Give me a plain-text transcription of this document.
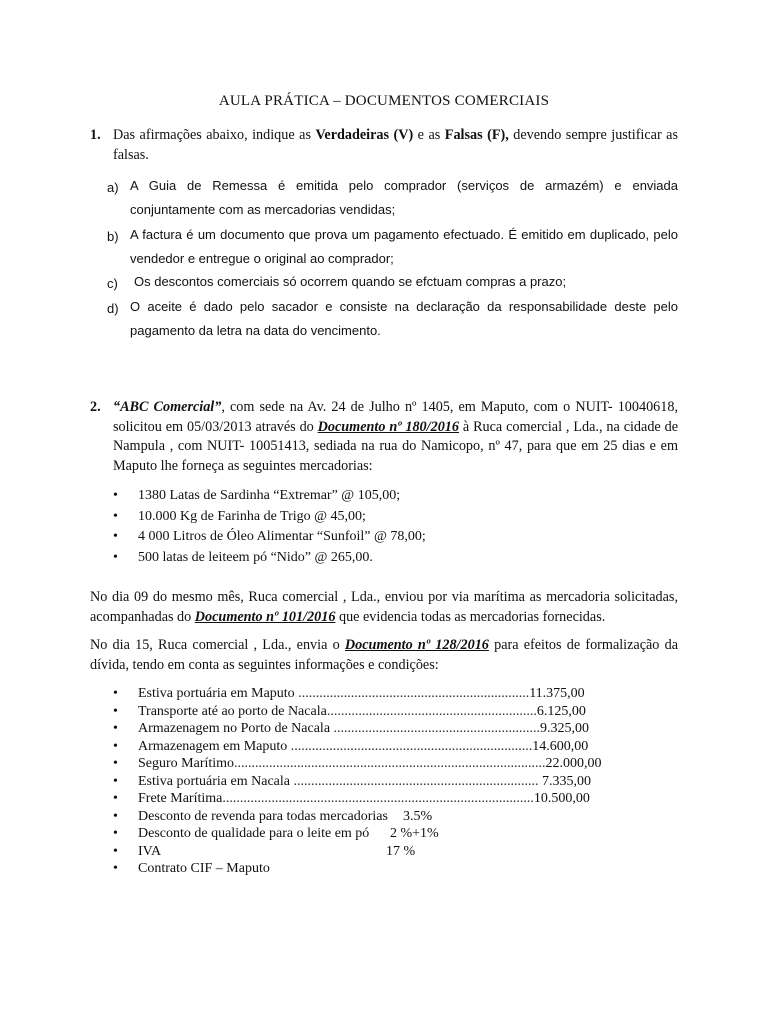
AULA PRÁTICA – DOCUMENTOS COMERCIAIS
1. Das afirmações abaixo, indique as Verdadeiras (V) e as Falsas (F), devendo sempre justificar as falsas.
a) A Guia de Remessa é emitida pelo comprador (serviços de armazém) e enviada conjuntamente com as mercadorias vendidas;
b) A factura é um documento que prova um pagamento efectuado. É emitido em duplicado, pelo vendedor e entregue o original ao comprador;
c) Os descontos comerciais só ocorrem quando se efctuam compras a prazo;
d) O aceite é dado pelo sacador e consiste na declaração da responsabilidade deste pelo pagamento da letra na data do vencimento.
2. “ABC Comercial”, com sede na Av. 24 de Julho nº 1405, em Maputo, com o NUIT- 10040618, solicitou em 05/03/2013 através do Documento nº 180/2016 à Ruca comercial , Lda., na cidade de Nampula , com NUIT- 10051413, sediada na rua do Namicopo, nº 47, para que em 25 dias e em Maputo lhe forneça as seguintes mercadorias:
• 1380 Latas de Sardinha “Extremar” @ 105,00;
• 10.000 Kg de Farinha de Trigo @ 45,00;
• 4 000 Litros de Óleo Alimentar “Sunfoil” @ 78,00;
• 500 latas de leiteem pó “Nido” @ 265,00.
No dia 09 do mesmo mês, Ruca comercial , Lda., enviou por via marítima as mercadoria solicitadas, acompanhadas do Documento nº 101/2016 que evidencia todas as mercadorias fornecidas.
No dia 15, Ruca comercial , Lda., envia o Documento nº 128/2016 para efeitos de formalização da dívida, tendo em conta as seguintes informações e condições:
• Estiva portuária em Maputo ..................................................................11.375,00
• Transporte até ao porto de Nacala............................................................6.125,00
• Armazenagem no Porto de Nacala ...........................................................9.325,00
• Armazenagem em Maputo .....................................................................14.600,00
• Seguro Marítimo.........................................................................................22.000,00
• Estiva portuária em Nacala ...................................................................... 7.335,00
• Frete Marítima.........................................................................................10.500,00
• Desconto de revenda para todas mercadorias 3.5%
• Desconto de qualidade para o leite em pó 2 %+1%
• IVA	17 %
• Contrato CIF – Maputo
